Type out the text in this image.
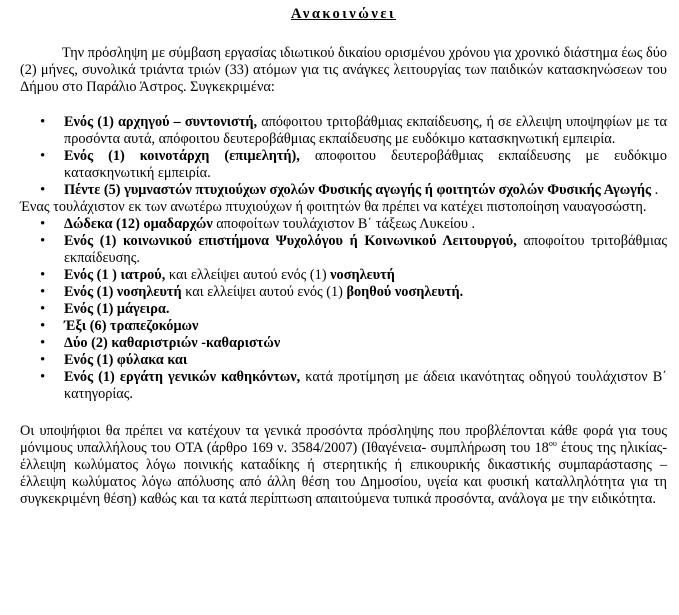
Ανακοινώνει

Την πρόσληψη με σύμβαση εργασίας ιδιωτικού δικαίου ορισμένου χρόνου για χρονικό διάστημα έως δύο (2) μήνες, συνολικά τριάντα τριών (33) ατόμων για τις ανάγκες λειτουργίας των παιδικών κατασκηνώσεων του Δήμου στο Παράλιο Άστρος. Συγκεκριμένα:

• Ενός (1) αρχηγού – συντονιστή, απόφοιτου τριτοβάθμιας εκπαίδευσης, ή σε ελλειψη υποψηφίων με τα προσόντα αυτά, απόφοιτου δευτεροβάθμιας εκπαίδευσης με ευδόκιμο κατασκηνωτική εμπειρία.
• Ενός (1) κοινοτάρχη (επιμελητή), αποφοιτου δευτεροβάθμιας εκπαίδευσης με ευδόκιμο κατασκηνωτική εμπειρία.
• Πέντε (5) γυμναστών πτυχιούχων σχολών Φυσικής αγωγής ή φοιτητών σχολών Φυσικής Αγωγής .
Ένας τουλάχιστον εκ των ανωτέρω πτυχιούχων ή φοιτητών θα πρέπει να κατέχει πιστοποίηση ναυαγοσώστη.
• Δώδεκα (12) ομαδαρχών αποφοίτων τουλάχιστον Β΄ τάξεως Λυκείου .
• Ενός (1) κοινωνικού επιστήμονα Ψυχολόγου ή Κοινωνικού Λειτουργού, αποφοίτου τριτοβάθμιας εκπαίδευσης.
• Ενός (1 ) ιατρού, και ελλείψει αυτού ενός (1) νοσηλευτή
• Ενός (1) νοσηλευτή και ελλείψει αυτού ενός (1) βοηθού νοσηλευτή.
• Ενός (1) μάγειρα.
• Έξι (6) τραπεζοκόμων
• Δύο (2) καθαριστριών -καθαριστών
• Ενός (1) φύλακα και
• Ενός (1) εργάτη γενικών καθηκόντων, κατά προτίμηση με άδεια ικανότητας οδηγού τουλάχιστον Β΄ κατηγορίας.

Οι υποψήφιοι θα πρέπει να κατέχουν τα γενικά προσόντα πρόσληψης που προβλέπονται κάθε φορά για τους μόνιμους υπαλλήλους του ΟΤΑ (άρθρο 169 ν. 3584/2007) (Ιθαγένεια- συμπλήρωση του $18^{o\upsilon}$ έτους της ηλικίας- έλλειψη κωλύματος λόγω ποινικής καταδίκης ή στερητικής ή επικουρικής δικαστικής συμπαράστασης – έλλειψη κωλύματος λόγω απόλυσης από άλλη θέση του Δημοσίου, υγεία και φυσική καταλληλότητα για τη συγκεκριμένη θέση) καθώς και τα κατά περίπτωση απαιτούμενα τυπικά προσόντα, ανάλογα με την ειδικότητα.
